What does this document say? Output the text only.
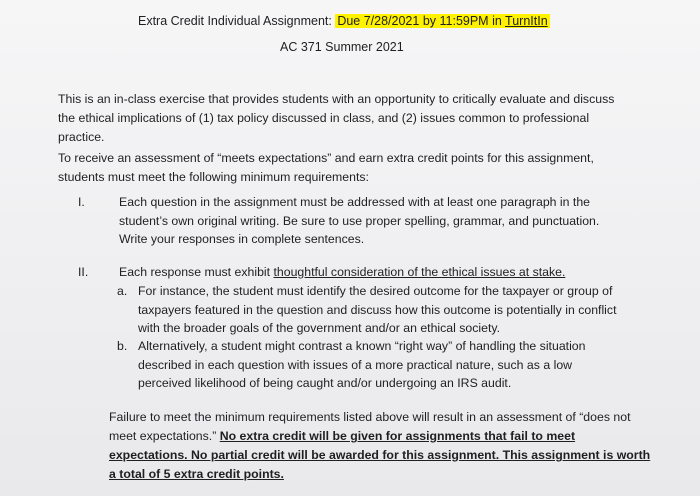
Extra Credit Individual Assignment: Due 7/28/2021 by 11:59PM in TurnItIn
AC 371 Summer 2021
This is an in-class exercise that provides students with an opportunity to critically evaluate and discuss the ethical implications of (1) tax policy discussed in class, and (2) issues common to professional practice.
To receive an assessment of “meets expectations” and earn extra credit points for this assignment, students must meet the following minimum requirements:
I.	Each question in the assignment must be addressed with at least one paragraph in the student’s own original writing. Be sure to use proper spelling, grammar, and punctuation. Write your responses in complete sentences.
II.	Each response must exhibit thoughtful consideration of the ethical issues at stake.
a. For instance, the student must identify the desired outcome for the taxpayer or group of taxpayers featured in the question and discuss how this outcome is potentially in conflict with the broader goals of the government and/or an ethical society.
b. Alternatively, a student might contrast a known “right way” of handling the situation described in each question with issues of a more practical nature, such as a low perceived likelihood of being caught and/or undergoing an IRS audit.
Failure to meet the minimum requirements listed above will result in an assessment of “does not meet expectations.” No extra credit will be given for assignments that fail to meet expectations. No partial credit will be awarded for this assignment. This assignment is worth a total of 5 extra credit points.
